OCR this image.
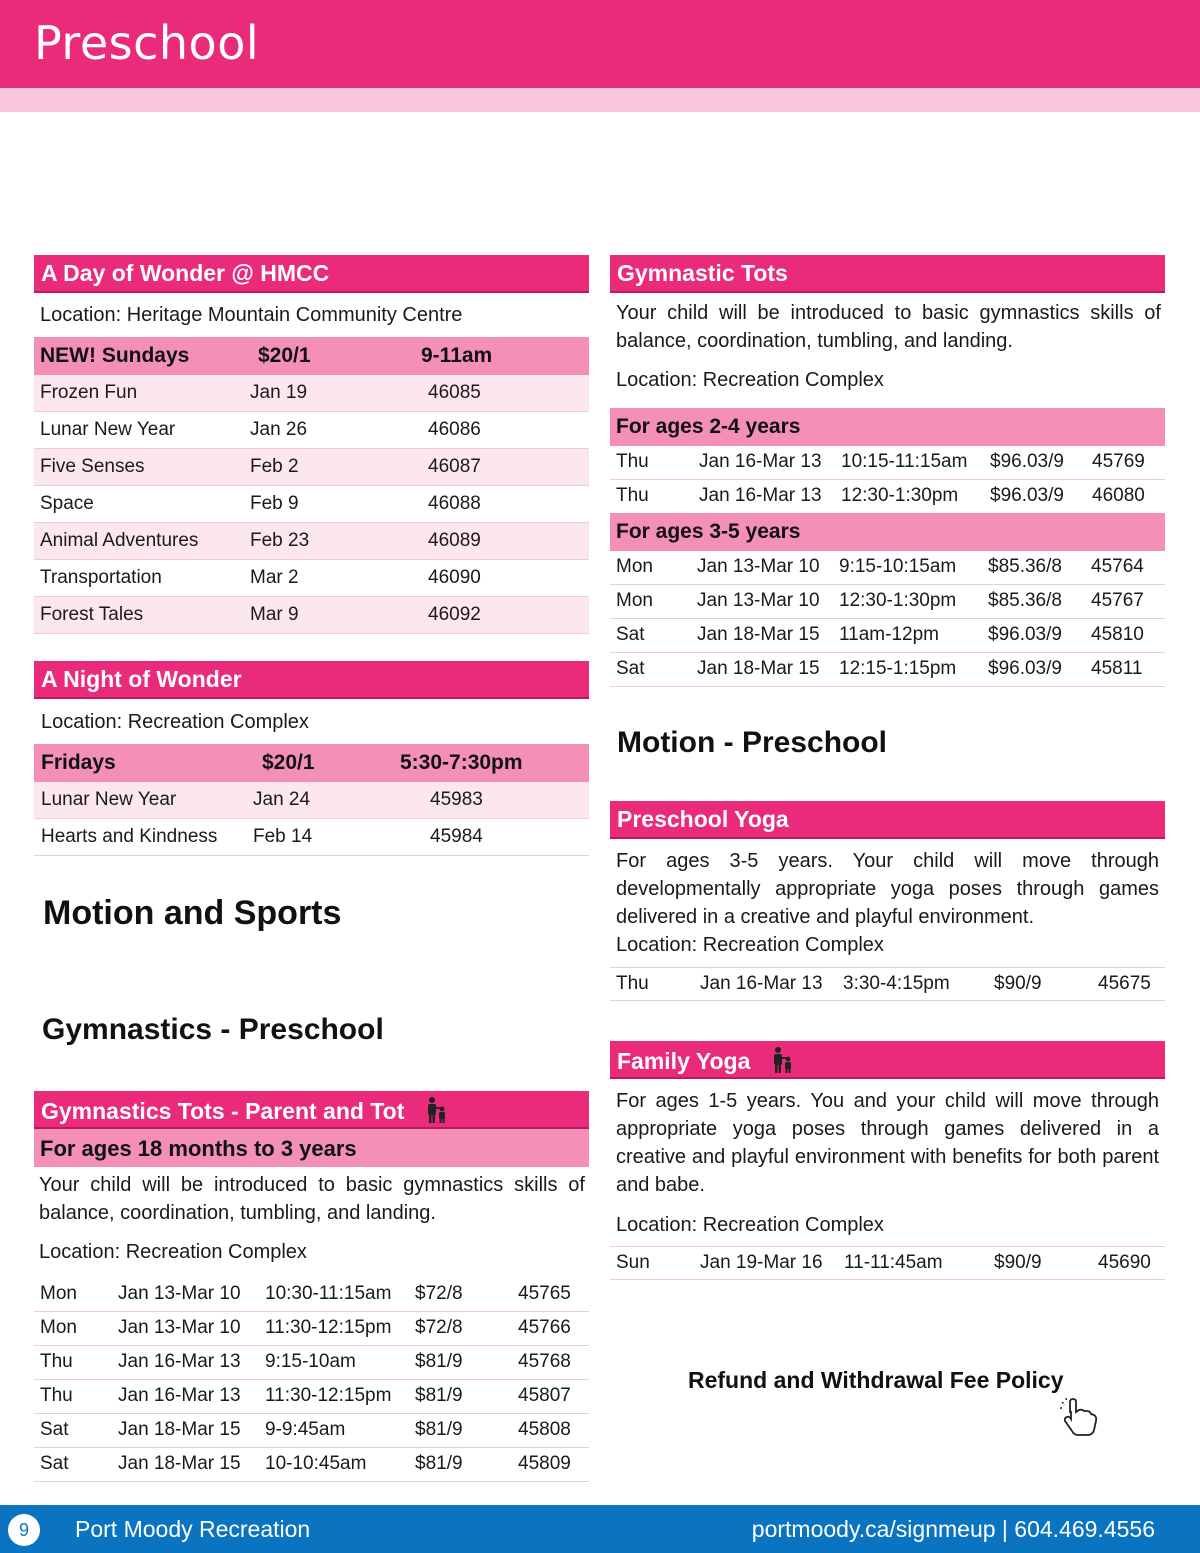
Preschool
A Day of Wonder @ HMCC
Location: Heritage Mountain Community Centre
NEW! Sundays	$20/1	9-11am
Frozen Fun	Jan 19	46085
Lunar New Year	Jan 26	46086
Five Senses	Feb 2	46087
Space	Feb 9	46088
Animal Adventures	Feb 23	46089
Transportation	Mar 2	46090
Forest Tales	Mar 9	46092
A Night of Wonder
Location: Recreation Complex
Fridays	$20/1	5:30-7:30pm
Lunar New Year	Jan 24	45983
Hearts and Kindness Feb 14	45984
Motion and Sports
Gymnastics - Preschool
Gymnastics Tots - Parent and Tot
For ages 18 months to 3 years
Your child will be introduced to basic gymnastics skills of balance, coordination, tumbling, and landing.
Location: Recreation Complex
Mon Jan 13-Mar 10 10:30-11:15am $72/8	45765
Mon Jan 13-Mar 10 11:30-12:15pm $72/8	45766
Thu Jan 16-Mar 13 9:15-10am	$81/9	45768
Thu Jan 16-Mar 13 11:30-12:15pm $81/9	45807
Sat	Jan 18-Mar 15 9-9:45am	$81/9	45808
Sat	Jan 18-Mar 15 10-10:45am	$81/9	45809
Gymnastic Tots
Your child will be introduced to basic gymnastics skills of balance, coordination, tumbling, and landing.
Location: Recreation Complex
For ages 2-4 years
Thu	Jan 16-Mar 13 10:15-11:15am $96.03/9 45769
Thu	Jan 16-Mar 13 12:30-1:30pm $96.03/9 46080
For ages 3-5 years
Mon Jan 13-Mar 10 9:15-10:15am $85.36/8 45764
Mon Jan 13-Mar 10 12:30-1:30pm $85.36/8 45767
Sat	Jan 18-Mar 15 11am-12pm	$96.03/9 45810
Sat	Jan 18-Mar 15 12:15-1:15pm $96.03/9 45811
Motion - Preschool
Preschool Yoga
For ages 3-5 years. Your child will move through developmentally appropriate yoga poses through games delivered in a creative and playful environment.
Location: Recreation Complex
Thu	Jan 16-Mar 13 3:30-4:15pm $90/9	45675
Family Yoga
For ages 1-5 years. You and your child will move through appropriate yoga poses through games delivered in a creative and playful environment with benefits for both parent and babe.
Location: Recreation Complex
Sun	Jan 19-Mar 16 11-11:45am	$90/9	45690
Refund and Withdrawal Fee Policy
9	Port Moody Recreation	portmoody.ca/signmeup | 604.469.4556
